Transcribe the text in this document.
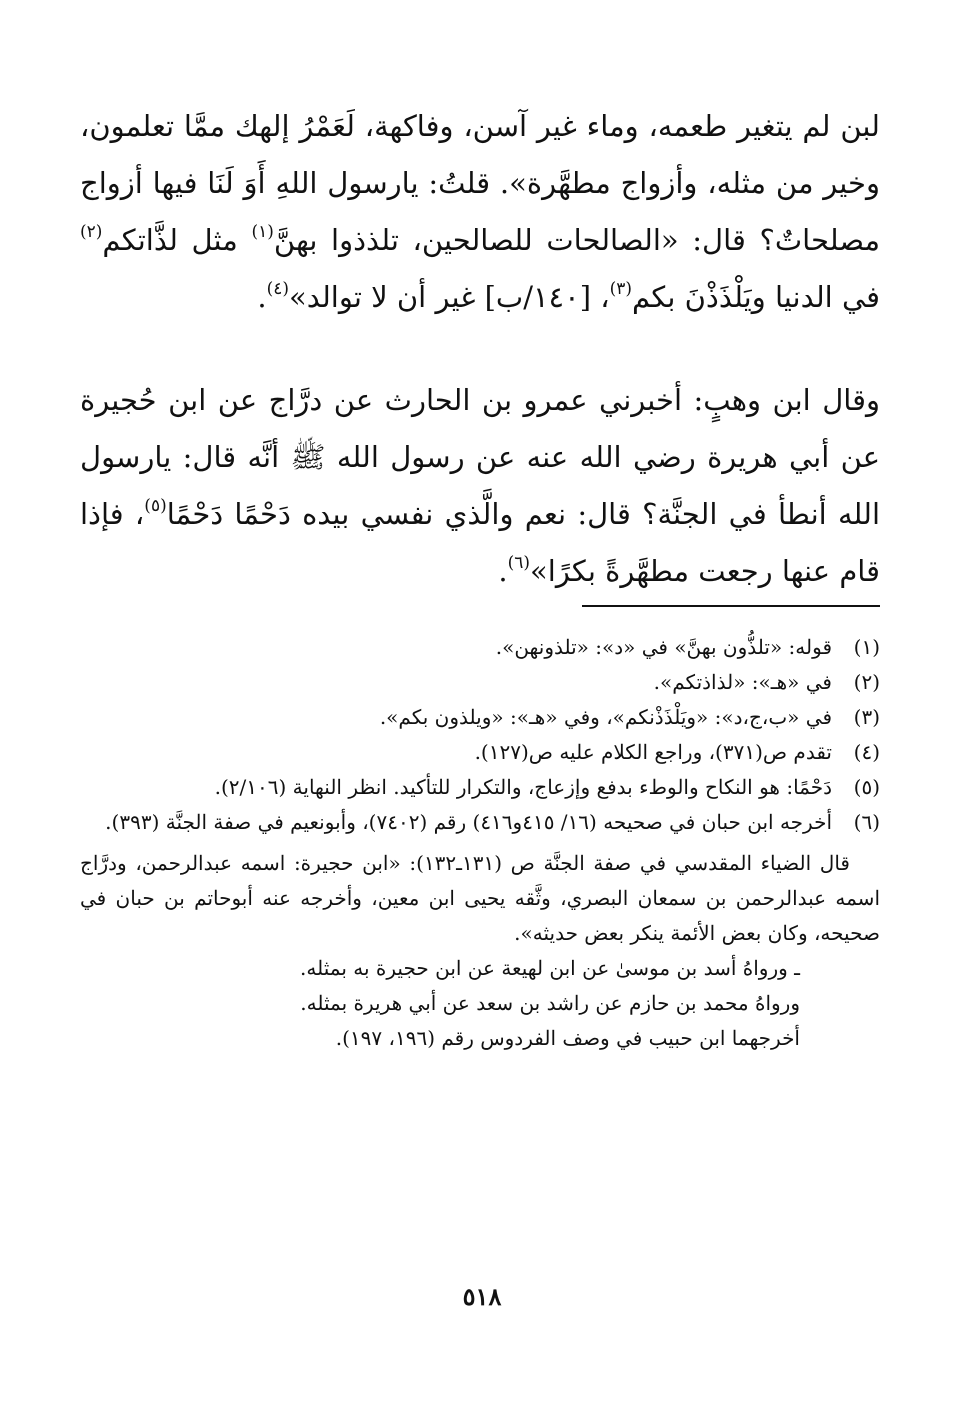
لبن لم يتغير طعمه، وماء غير آسن، وفاكهة، لَعَمْرُ إلهك ممَّا تعلمون، وخير من مثله، وأزواج مطهَّرة». قلتُ: يارسول اللهِ أَوَ لَنَا فيها أزواج مصلحاتٌ؟ قال: «الصالحات للصالحين، تلذذوا بهنَّ$^{(١)}$ مثل لذَّاتكم$^{(٢)}$ في الدنيا ويَلْذَذْنَ بكم$^{(٣)}$، [١٤٠/ب] غير أن لا توالد»$^{(٤)}$.

وقال ابن وهبٍ: أخبرني عمرو بن الحارث عن درَّاج عن ابن حُجيرة عن أبي هريرة رضي الله عنه عن رسول الله ﷺ أنَّه قال: يارسول الله أنطأ في الجنَّة؟ قال: نعم والَّذي نفسي بيده دَحْمًا دَحْمًا$^{(٥)}$، فإذا قام عنها رجعت مطهَّرةً بكرًا»$^{(٦)}$.

(١)
قوله: «تلذُّون بهنَّ» في «د»: «تلذونهن».
(٢)
في «هـ»: «لذاذتكم».
(٣)
في «ب،ج،د»: «ويَلْذَذْنكم»، وفي «هـ»: «ويلذون بكم».
(٤)
تقدم ص(٣٧١)، وراجع الكلام عليه ص(١٢٧).
(٥)
دَحْمًا: هو النكاح والوطء بدفع وإزعاج، والتكرار للتأكيد. انظر النهاية (٢/١٠٦).
(٦)
أخرجه ابن حبان في صحيحه (١٦/ ٤١٥و٤١٦) رقم (٧٤٠٢)، وأبونعيم في صفة الجنَّة (٣٩٣).

قال الضياء المقدسي في صفة الجنَّة ص (١٣١ـ١٣٢): «ابن حجيرة: اسمه عبدالرحمن، ودرَّاج اسمه عبدالرحمن بن سمعان البصري، وثَّقه يحيى ابن معين، وأخرجه عنه أبوحاتم بن حبان في صحيحه، وكان بعض الأئمة ينكر بعض حديثه».

ـ ورواهُ أسد بن موسىٰ عن ابن لهيعة عن ابن حجيرة به بمثله.

ورواهُ محمد بن حازم عن راشد بن سعد عن أبي هريرة بمثله.

أخرجهما ابن حبيب في وصف الفردوس رقم (١٩٦، ١٩٧).

٥١٨
